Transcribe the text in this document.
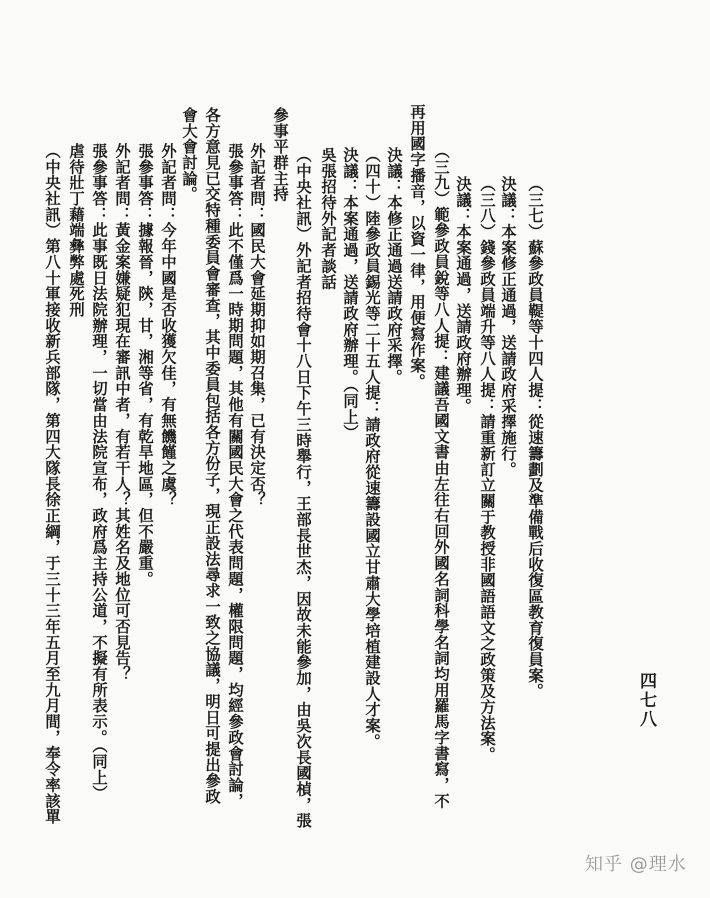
（三七）蘇參政員鞮等十四人提：從速籌劃及準備戰后收復區教育復員案。
決議：本案修正通過，送請政府采擇施行。
（三八）錢參政員端升等八人提：請重新訂立關于教授非國語語文之政策及方法案。
決議：本案通過，送請政府辦理。
（三九）範參政員銳等八人提：建議吾國文書由左往右回外國名詞科學名詞均用羅馬字書寫，不
再用國字播音，以資一律，用便寫作案。
決議：本修正通過送請政府采擇。
（四十）陸參政員錫光等二十五人提：請政府從速籌設國立甘肅大學培植建設人才案。
決議：本案通過，送請政府辦理。（同上）
吳張招待外記者談話
（中央社訊）外記者招待會十八日下午三時舉行，王部長世杰，因故未能參加，由吳次長國楨，張
參事平群主持
外記者問：國民大會延期抑如期召集，已有決定否？
張參事答：此不僅爲一時期問題，其他有關國民大會之代表問題，權限問題，均經參政會討論，
各方意見已交特種委員會審查，其中委員包括各方份子，現正設法尋求一致之協議，明日可提出參政
會大會討論。
外記者問：今年中國是否收獲欠佳，有無饑饉之虞？
張參事答：據報晉，陝，甘，湘等省，有乾旱地區，但不嚴重。
外記者問：黃金案嫌疑犯現在審訊中者，有若干人？其姓名及地位可否見告？
張參事答：此事既日法院辦理，一切當由法院宣布，政府爲主持公道，不擬有所表示。（同上）
虐待壯丁藉端彝弊處死刑
（中央社訊）第八十軍接收新兵部隊，第四大隊長徐正綱，于三十三年五月至九月間，奉令率該單	四七八
知乎 @理水
